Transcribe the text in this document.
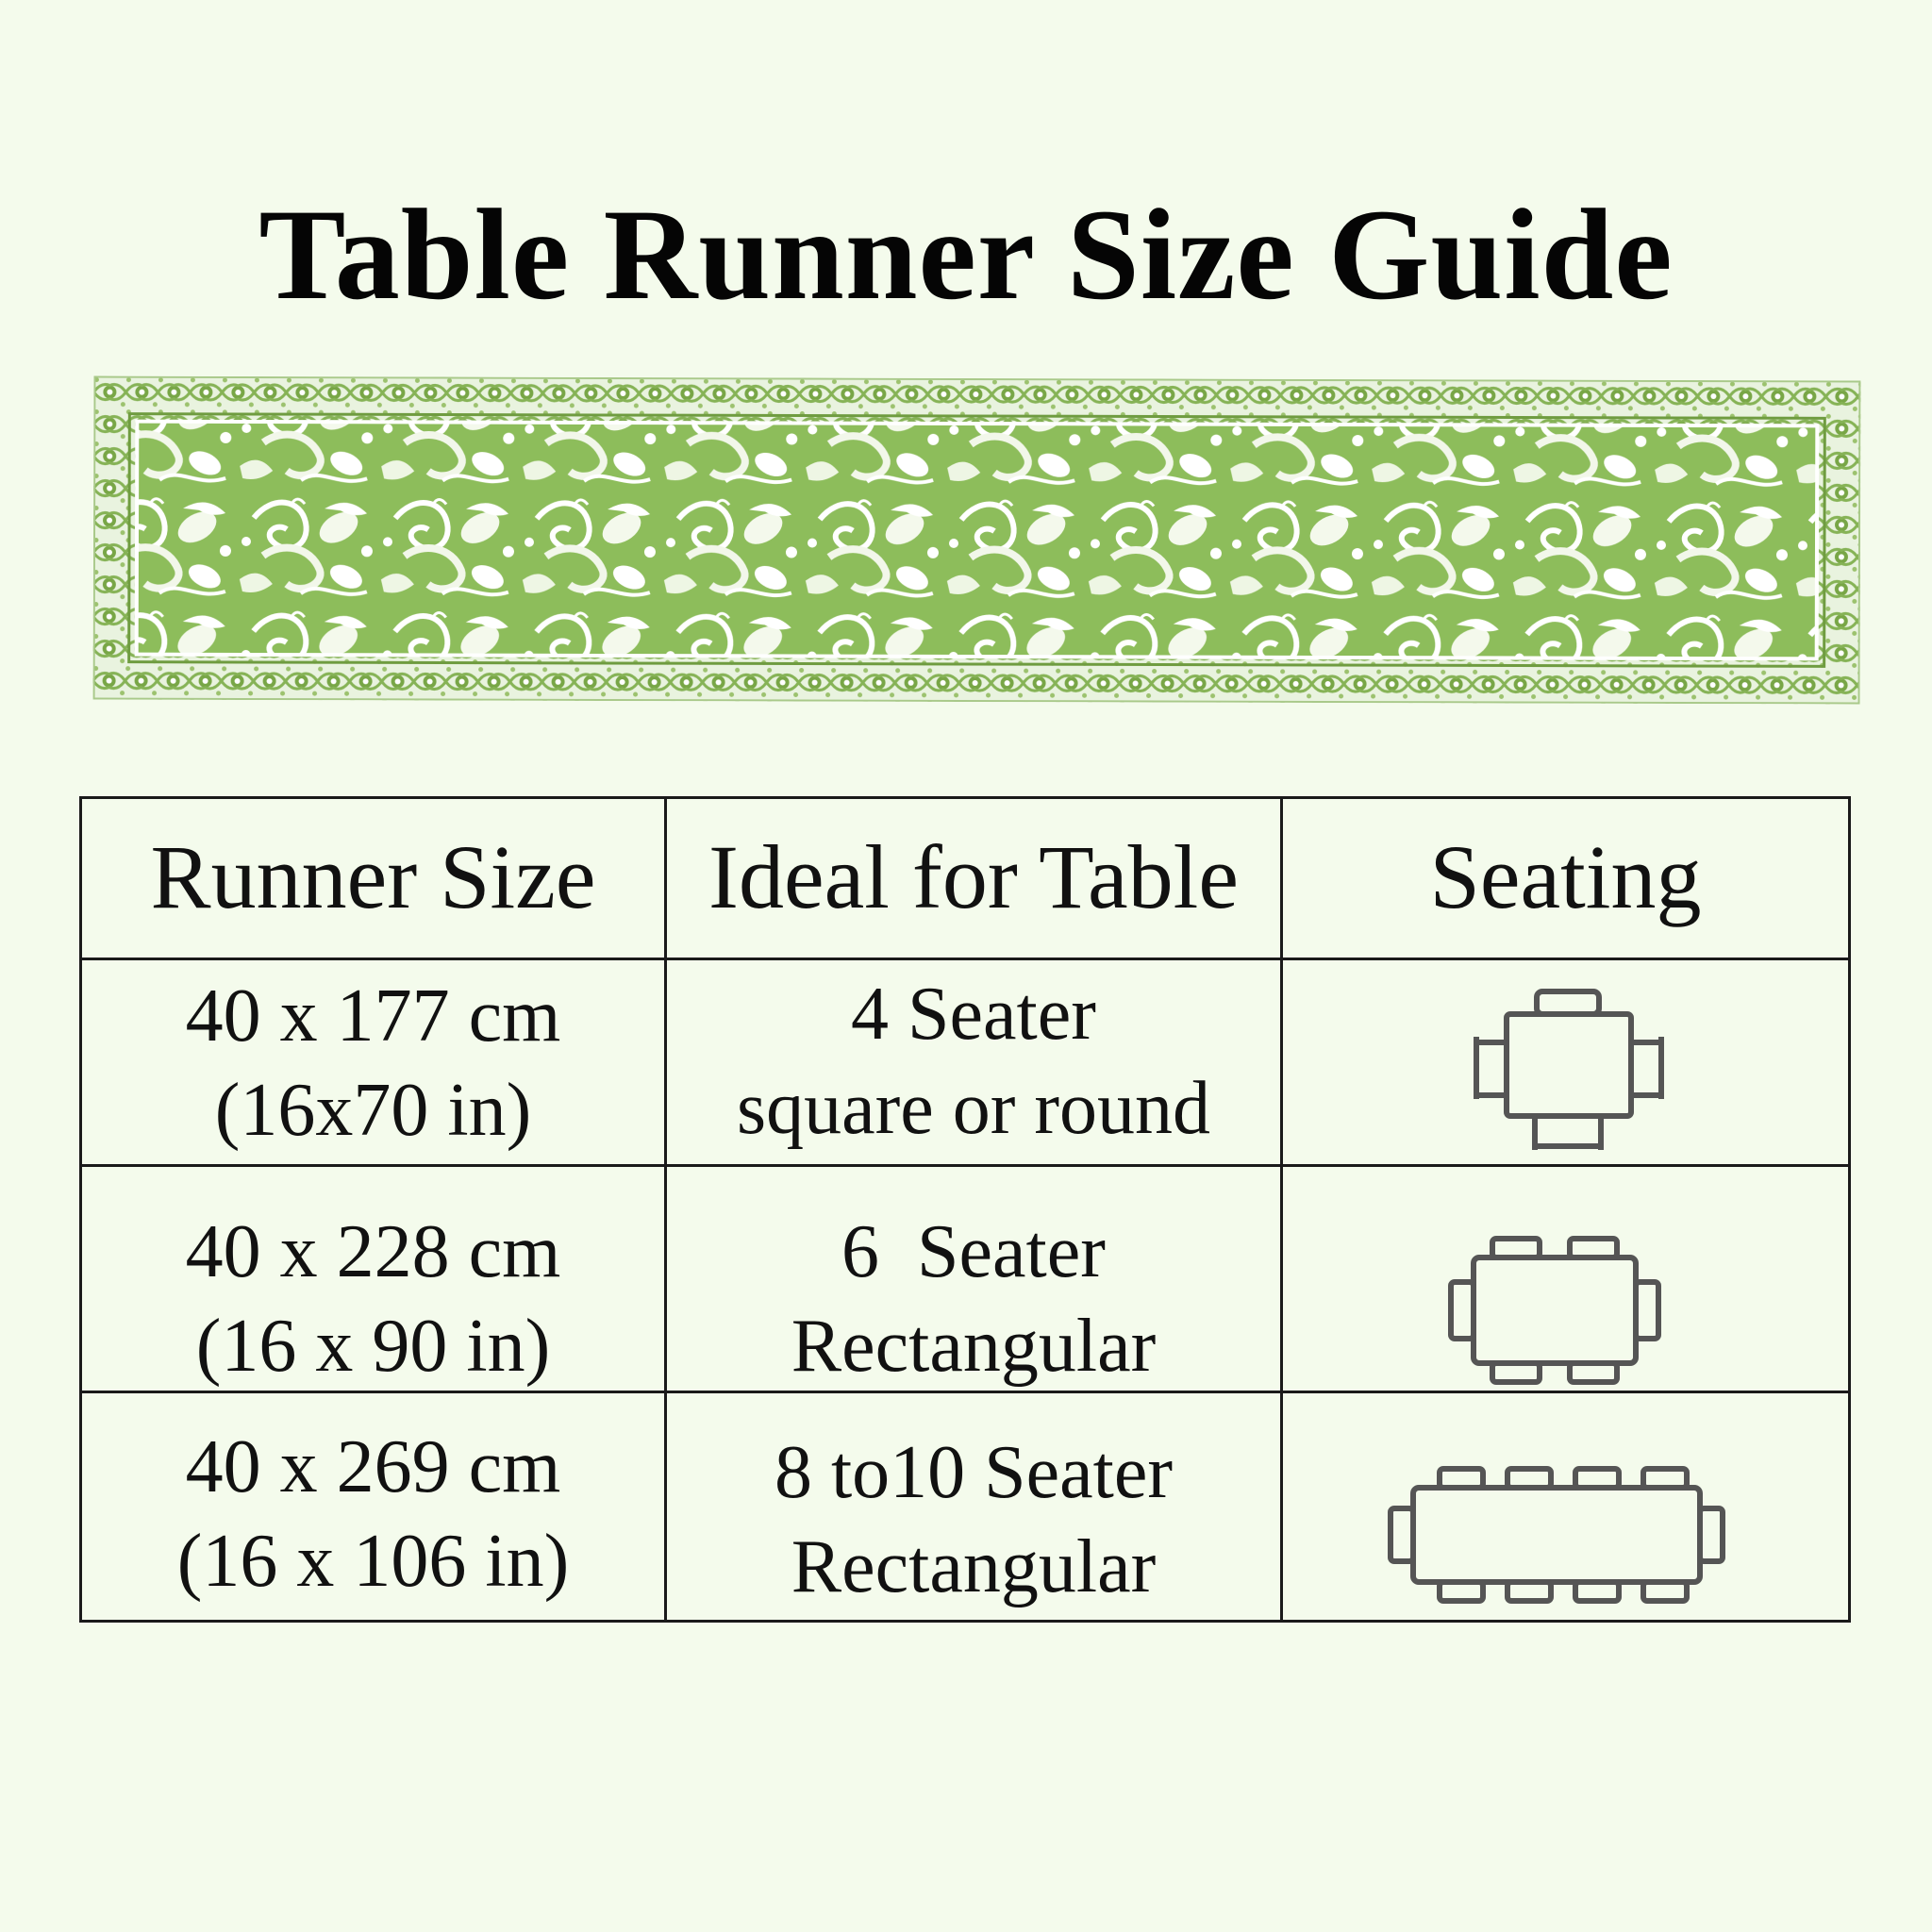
Table Runner Size Guide
Runner Size	Ideal for Table	Seating
40 x 177 cm
(16x70 in)
4 Seater
square or round
40 x 228 cm
(16 x 90 in)
6  Seater
Rectangular
40 x 269 cm
(16 x 106 in)
8 to10 Seater
Rectangular
